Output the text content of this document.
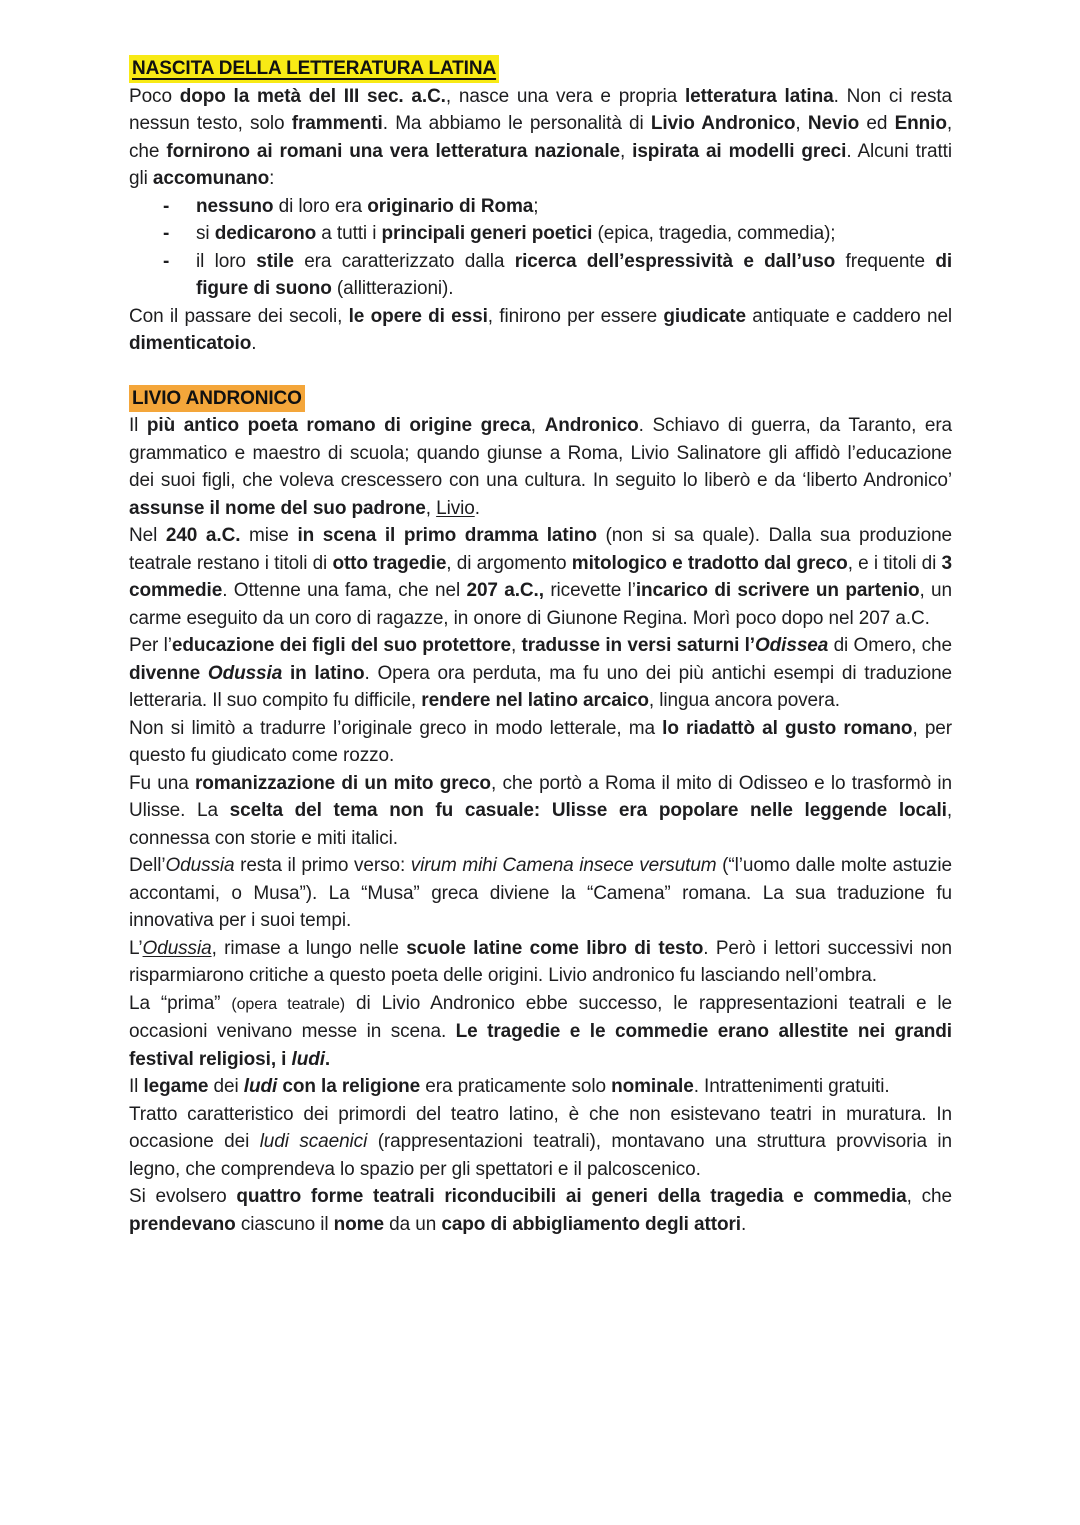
NASCITA DELLA LETTERATURA LATINA

Poco dopo la metà del III sec. a.C., nasce una vera e propria letteratura latina. Non ci resta nessun testo, solo frammenti. Ma abbiamo le personalità di Livio Andronico, Nevio ed Ennio, che fornirono ai romani una vera letteratura nazionale, ispirata ai modelli greci. Alcuni tratti gli accomunano:

- nessuno di loro era originario di Roma;
- si dedicarono a tutti i principali generi poetici (epica, tragedia, commedia);
- il loro stile era caratterizzato dalla ricerca dell’espressività e dall’uso frequente di figure di suono (allitterazioni).

Con il passare dei secoli, le opere di essi, finirono per essere giudicate antiquate e caddero nel dimenticatoio.

LIVIO ANDRONICO

Il più antico poeta romano di origine greca, Andronico. Schiavo di guerra, da Taranto, era grammatico e maestro di scuola; quando giunse a Roma, Livio Salinatore gli affidò l’educazione dei suoi figli, che voleva crescessero con una cultura. In seguito lo liberò e da ‘liberto Andronico’ assunse il nome del suo padrone, Livio.

Nel 240 a.C. mise in scena il primo dramma latino (non si sa quale). Dalla sua produzione teatrale restano i titoli di otto tragedie, di argomento mitologico e tradotto dal greco, e i titoli di 3 commedie. Ottenne una fama, che nel 207 a.C., ricevette l’incarico di scrivere un partenio, un carme eseguito da un coro di ragazze, in onore di Giunone Regina. Morì poco dopo nel 207 a.C.

Per l’educazione dei figli del suo protettore, tradusse in versi saturni l’Odissea di Omero, che divenne Odussia in latino. Opera ora perduta, ma fu uno dei più antichi esempi di traduzione letteraria. Il suo compito fu difficile, rendere nel latino arcaico, lingua ancora povera.

Non si limitò a tradurre l’originale greco in modo letterale, ma lo riadattò al gusto romano, per questo fu giudicato come rozzo.

Fu una romanizzazione di un mito greco, che portò a Roma il mito di Odisseo e lo trasformò in Ulisse. La scelta del tema non fu casuale: Ulisse era popolare nelle leggende locali, connessa con storie e miti italici.

Dell’Odussia resta il primo verso: virum mihi Camena insece versutum (“l’uomo dalle molte astuzie accontami, o Musa”). La “Musa” greca diviene la “Camena” romana. La sua traduzione fu innovativa per i suoi tempi.

L’Odussia, rimase a lungo nelle scuole latine come libro di testo. Però i lettori successivi non risparmiarono critiche a questo poeta delle origini. Livio andronico fu lasciando nell’ombra.

La “prima” (opera teatrale) di Livio Andronico ebbe successo, le rappresentazioni teatrali e le occasioni venivano messe in scena. Le tragedie e le commedie erano allestite nei grandi festival religiosi, i ludi.

Il legame dei ludi con la religione era praticamente solo nominale. Intrattenimenti gratuiti.

Tratto caratteristico dei primordi del teatro latino, è che non esistevano teatri in muratura. In occasione dei ludi scaenici (rappresentazioni teatrali), montavano una struttura provvisoria in legno, che comprendeva lo spazio per gli spettatori e il palcoscenico.

Si evolsero quattro forme teatrali riconducibili ai generi della tragedia e commedia, che prendevano ciascuno il nome da un capo di abbigliamento degli attori.
